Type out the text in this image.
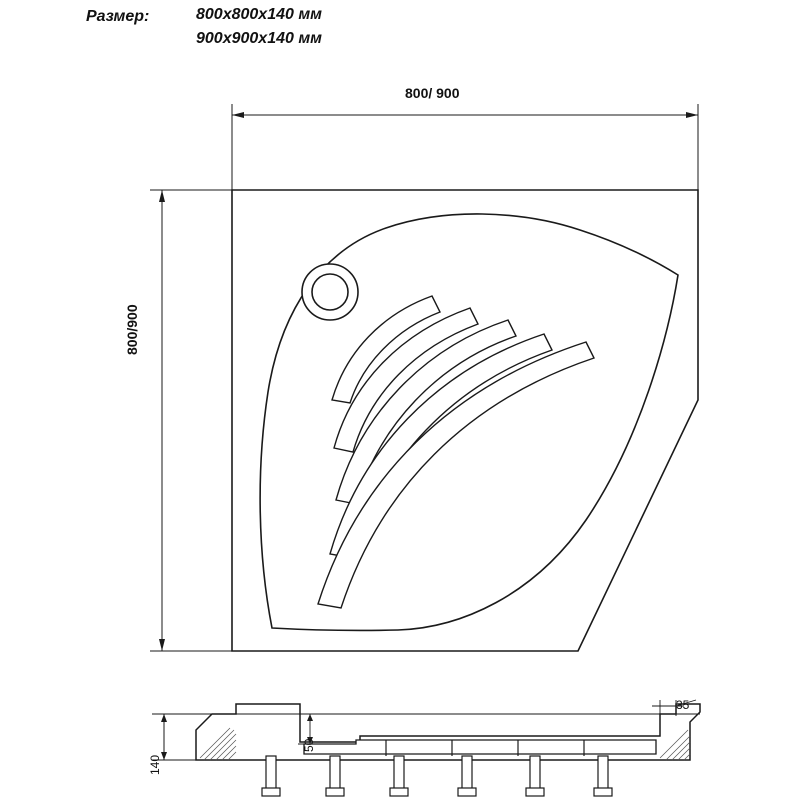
Размер:	800x800x140 мм
900x900x140 мм
800/ 900
800/900
140
50
35
